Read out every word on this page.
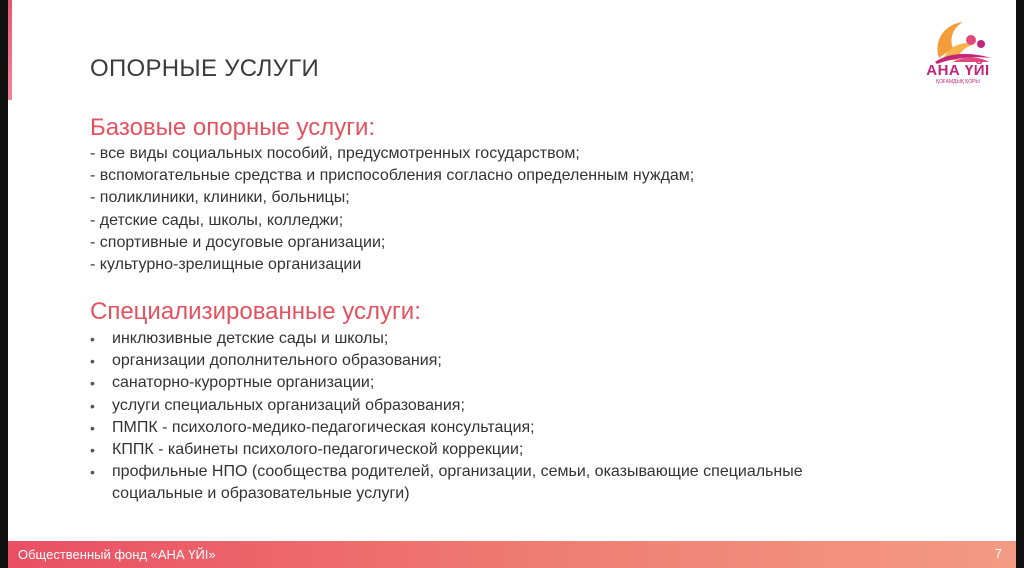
ОПОРНЫЕ УСЛУГИ	АНА ҮЙІ
ҚОҒАМДЫҚ ҚОРЫ
Базовые опорные услуги:
- все виды социальных пособий, предусмотренных государством;
- вспомогательные средства и приспособления согласно определенным нуждам;
- поликлиники, клиники, больницы;
- детские сады, школы, колледжи;
- спортивные и досуговые организации;
- культурно-зрелищные организации
Специализированные услуги:
• инклюзивные детские сады и школы;
• организации дополнительного образования;
• санаторно-курортные организации;
• услуги специальных организаций образования;
• ПМПК - психолого-медико-педагогическая консультация;
• КППК - кабинеты психолого-педагогической коррекции;
• профильные НПО (сообщества родителей, организации, семьи, оказывающие специальные социальные и образовательные услуги)
Общественный фонд «АНА ҮЙІ»	7
